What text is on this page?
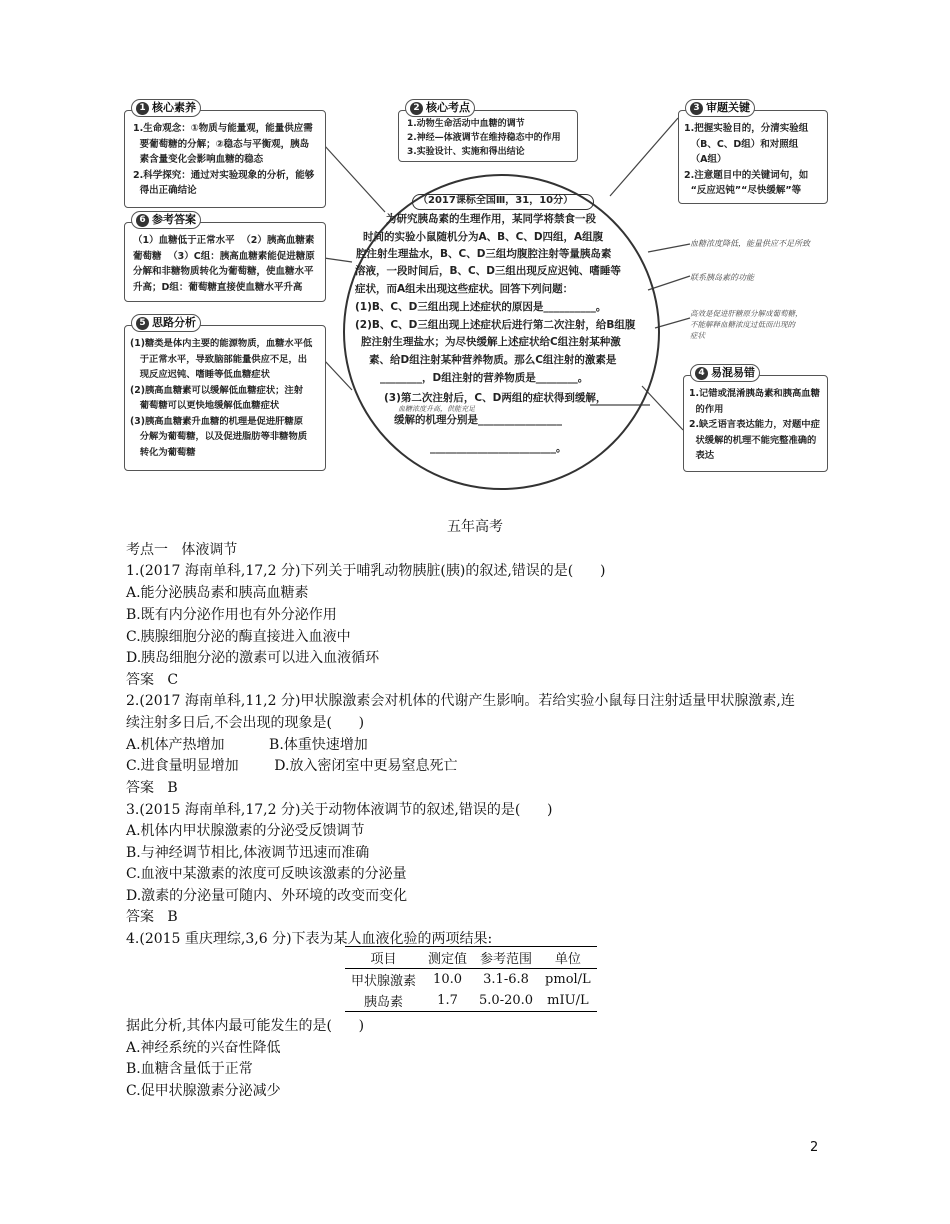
1 核心素养
1.生命观念：①物质与能量观，能量供应需
要葡萄糖的分解；②稳态与平衡观，胰岛
素含量变化会影响血糖的稳态
2.科学探究：通过对实验现象的分析，能够
得出正确结论
2 核心考点
1.动物生命活动中血糖的调节
2.神经—体液调节在维持稳态中的作用
3.实验设计、实施和得出结论
3 审题关键
1.把握实验目的，分清实验组
（B、C、D组）和对照组
（A组）
2.注意题目中的关键词句，如
“反应迟钝”“尽快缓解”等
6 参考答案
（1）血糖低于正常水平  （2）胰高血糖素
葡萄糖  （3）C组：胰高血糖素能促进糖原
分解和非糖物质转化为葡萄糖，使血糖水平
升高；D组：葡萄糖直接使血糖水平升高
5 思路分析
(1)糖类是体内主要的能源物质，血糖水平低
于正常水平，导致脑部能量供应不足，出
现反应迟钝、嗜睡等低血糖症状
(2)胰高血糖素可以缓解低血糖症状；注射
葡萄糖可以更快地缓解低血糖症状
(3)胰高血糖素升血糖的机理是促进肝糖原
分解为葡萄糖，以及促进脂肪等非糖物质
转化为葡萄糖
4 易混易错
1.记错或混淆胰岛素和胰高血糖
的作用
2.缺乏语言表达能力，对题中症
状缓解的机理不能完整准确的
表达
（2017课标全国Ⅲ，31，10分）
为研究胰岛素的生理作用，某同学将禁食一段
时间的实验小鼠随机分为A、B、C、D四组，A组腹
腔注射生理盐水，B、C、D三组均腹腔注射等量胰岛素
溶液，一段时间后，B、C、D三组出现反应迟钝、嗜睡等
症状，而A组未出现这些症状。回答下列问题：
(1)B、C、D三组出现上述症状的原因是__________。
(2)B、C、D三组出现上述症状后进行第二次注射，给B组腹
腔注射生理盐水；为尽快缓解上述症状给C组注射某种激
素、给D组注射某种营养物质。那么C组注射的激素是
________，D组注射的营养物质是________。
(3)第二次注射后，C、D两组的症状得到缓解，
缓解的机理分别是________________
________________________。
血糖浓度降低，能量供应不足所致
联系胰岛素的功能
血糖浓度升高，供能充足
高效是促进肝糖原分解成葡萄糖，
不能解释血糖浓度过低而出现的
症状
五年高考
考点一   体液调节
1.(2017 海南单科,17,2 分)下列关于哺乳动物胰脏(胰)的叙述,错误的是(      )
A.能分泌胰岛素和胰高血糖素
B.既有内分泌作用也有外分泌作用
C.胰腺细胞分泌的酶直接进入血液中
D.胰岛细胞分泌的激素可以进入血液循环
答案   C
2.(2017 海南单科,11,2 分)甲状腺激素会对机体的代谢产生影响。若给实验小鼠每日注射适量甲状腺激素,连
续注射多日后,不会出现的现象是(      )
A.机体产热增加          B.体重快速增加
C.进食量明显增加        D.放入密闭室中更易窒息死亡
答案   B
3.(2015 海南单科,17,2 分)关于动物体液调节的叙述,错误的是(      )
A.机体内甲状腺激素的分泌受反馈调节
B.与神经调节相比,体液调节迅速而准确
C.血液中某激素的浓度可反映该激素的分泌量
D.激素的分泌量可随内、外环境的改变而变化
答案   B
4.(2015 重庆理综,3,6 分)下表为某人血液化验的两项结果:
项目	测定值	参考范围	单位
甲状腺激素	10.0	3.1-6.8	pmol/L
胰岛素	1.7	5.0-20.0	mIU/L
据此分析,其体内最可能发生的是(      )
A.神经系统的兴奋性降低
B.血糖含量低于正常
C.促甲状腺激素分泌减少
2
